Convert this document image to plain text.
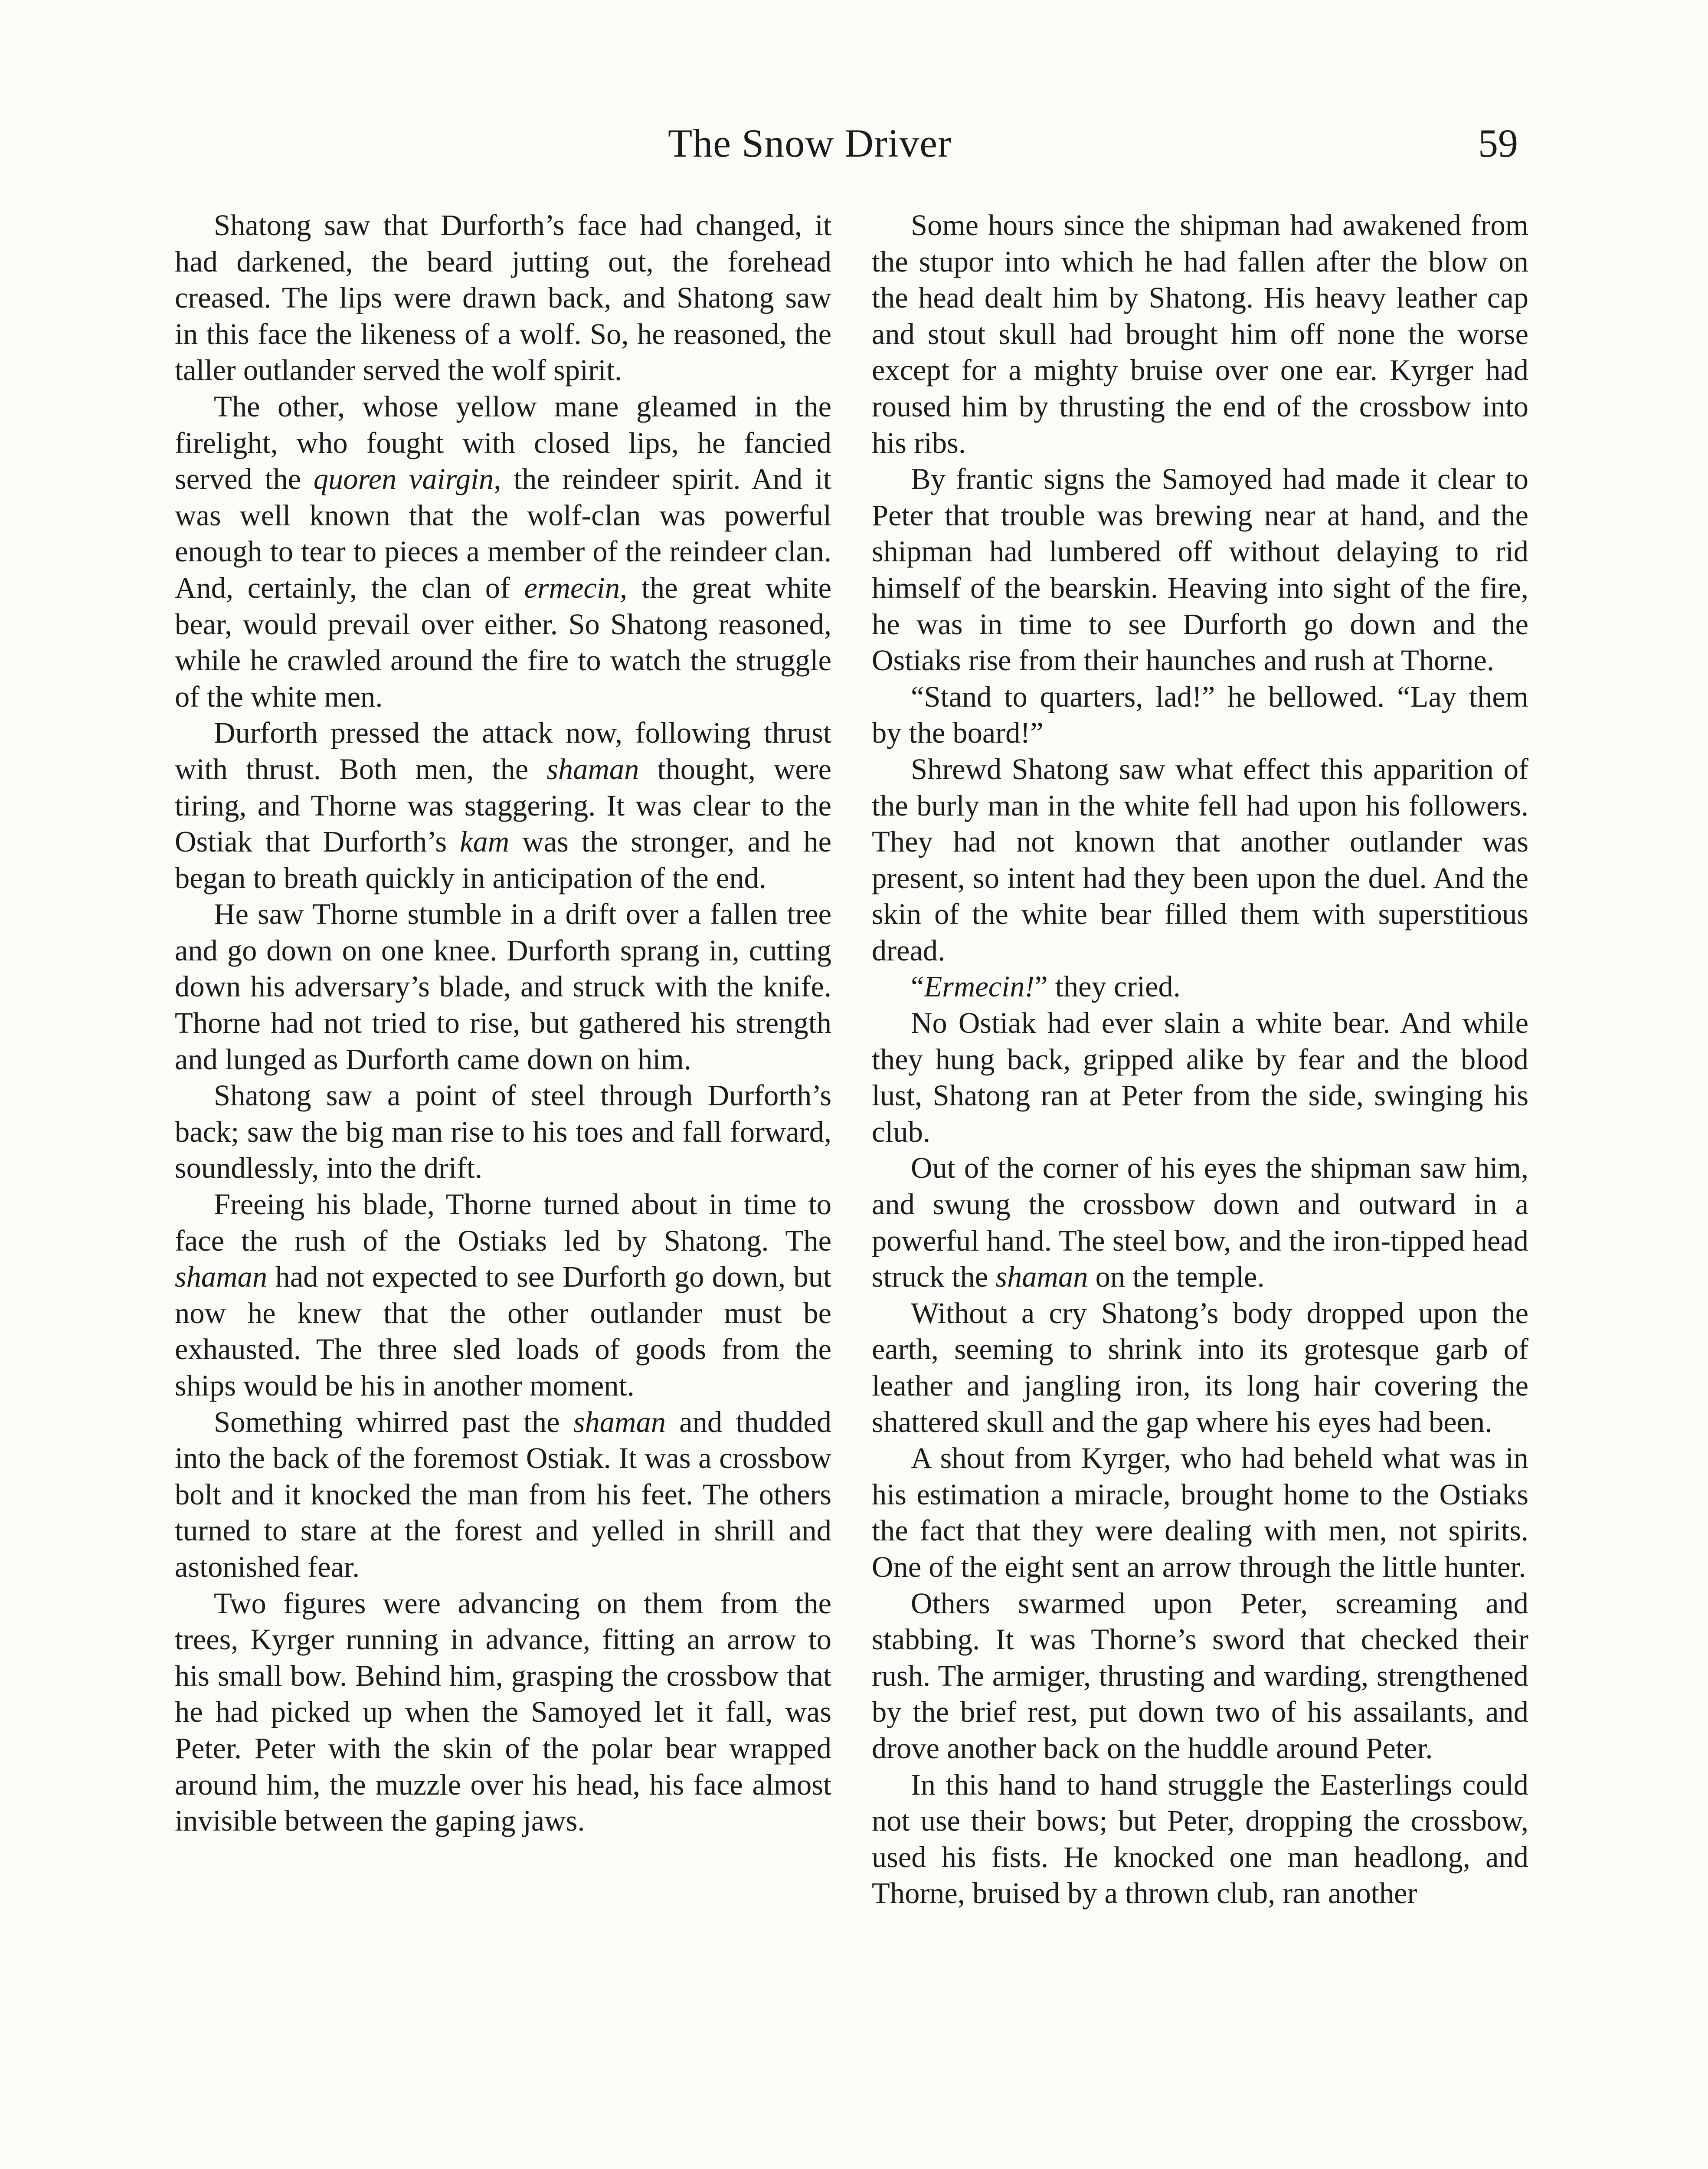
The Snow Driver	59

Shatong saw that Durforth’s face had changed, it had darkened, the beard jutting out, the forehead creased. The lips were drawn back, and Shatong saw in this face the likeness of a wolf. So, he reasoned, the taller outlander served the wolf spirit.

The other, whose yellow mane gleamed in the firelight, who fought with closed lips, he fancied served the quoren vairgin, the reindeer spirit. And it was well known that the wolf-clan was powerful enough to tear to pieces a member of the reindeer clan. And, certainly, the clan of ermecin, the great white bear, would prevail over either. So Shatong reasoned, while he crawled around the fire to watch the struggle of the white men.

Durforth pressed the attack now, following thrust with thrust. Both men, the shaman thought, were tiring, and Thorne was staggering. It was clear to the Ostiak that Durforth’s kam was the stronger, and he began to breath quickly in anticipation of the end.

He saw Thorne stumble in a drift over a fallen tree and go down on one knee. Durforth sprang in, cutting down his adversary’s blade, and struck with the knife. Thorne had not tried to rise, but gathered his strength and lunged as Durforth came down on him.

Shatong saw a point of steel through Durforth’s back; saw the big man rise to his toes and fall forward, soundlessly, into the drift.

Freeing his blade, Thorne turned about in time to face the rush of the Ostiaks led by Shatong. The shaman had not expected to see Durforth go down, but now he knew that the other outlander must be exhausted. The three sled loads of goods from the ships would be his in another moment.

Something whirred past the shaman and thudded into the back of the foremost Ostiak. It was a crossbow bolt and it knocked the man from his feet. The others turned to stare at the forest and yelled in shrill and astonished fear.

Two figures were advancing on them from the trees, Kyrger running in advance, fitting an arrow to his small bow. Behind him, grasping the crossbow that he had picked up when the Samoyed let it fall, was Peter. Peter with the skin of the polar bear wrapped around him, the muzzle over his head, his face almost invisible between the gaping jaws.

Some hours since the shipman had awakened from the stupor into which he had fallen after the blow on the head dealt him by Shatong. His heavy leather cap and stout skull had brought him off none the worse except for a mighty bruise over one ear. Kyrger had roused him by thrusting the end of the crossbow into his ribs.

By frantic signs the Samoyed had made it clear to Peter that trouble was brewing near at hand, and the shipman had lumbered off without delaying to rid himself of the bearskin. Heaving into sight of the fire, he was in time to see Durforth go down and the Ostiaks rise from their haunches and rush at Thorne.

“Stand to quarters, lad!” he bellowed. “Lay them by the board!”

Shrewd Shatong saw what effect this apparition of the burly man in the white fell had upon his followers. They had not known that another outlander was present, so intent had they been upon the duel. And the skin of the white bear filled them with superstitious dread.

“Ermecin!” they cried.

No Ostiak had ever slain a white bear. And while they hung back, gripped alike by fear and the blood lust, Shatong ran at Peter from the side, swinging his club.

Out of the corner of his eyes the shipman saw him, and swung the crossbow down and outward in a powerful hand. The steel bow, and the iron-tipped head struck the shaman on the temple.

Without a cry Shatong’s body dropped upon the earth, seeming to shrink into its grotesque garb of leather and jangling iron, its long hair covering the shattered skull and the gap where his eyes had been.

A shout from Kyrger, who had beheld what was in his estimation a miracle, brought home to the Ostiaks the fact that they were dealing with men, not spirits. One of the eight sent an arrow through the little hunter.

Others swarmed upon Peter, screaming and stabbing. It was Thorne’s sword that checked their rush. The armiger, thrusting and warding, strengthened by the brief rest, put down two of his assailants, and drove another back on the huddle around Peter.

In this hand to hand struggle the Easterlings could not use their bows; but Peter, dropping the crossbow, used his fists. He knocked one man headlong, and Thorne, bruised by a thrown club, ran another
